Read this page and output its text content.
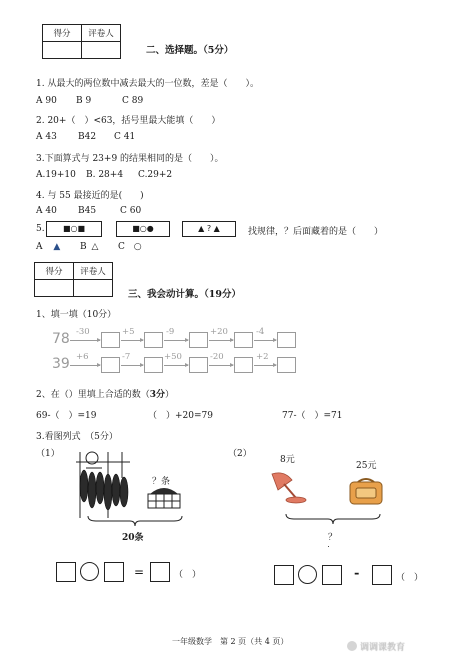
得分	评卷人

二、选择题。（5分）
1. 从最大的两位数中减去最大的一位数，差是（　　）。
A 90 B 9	C 89
2. 20+（　）<63，括号里最大能填（　　）
A 43 B42 C 41
3.下面算式与 23+9 的结果相同的是（　　）。
A.19+10 B. 28+4 C.29+2
4. 与 55 最接近的是(　　)
A 40 B45	C 60
5.	■○■	■○●	▲ ? ▲	找规律，？后面藏着的是（　　）
A ▲ B △ C ○
得分	评卷人

三、我会动计算。（19分）
1、填一填（10分）
78
39
-30	+5	-9	+20	-4
+6	-7	+50	-20	+2
2、在（）里填上合适的数（3分）
69-（　）=19	（　）+20=79	77-（　）=71
3.看图列式　（5分）
（1）	（2）
？条
20条
8元
25元
？
=	（　）	-	（　）
一年级数学　第 2 页（共 4 页）
调调课教育
